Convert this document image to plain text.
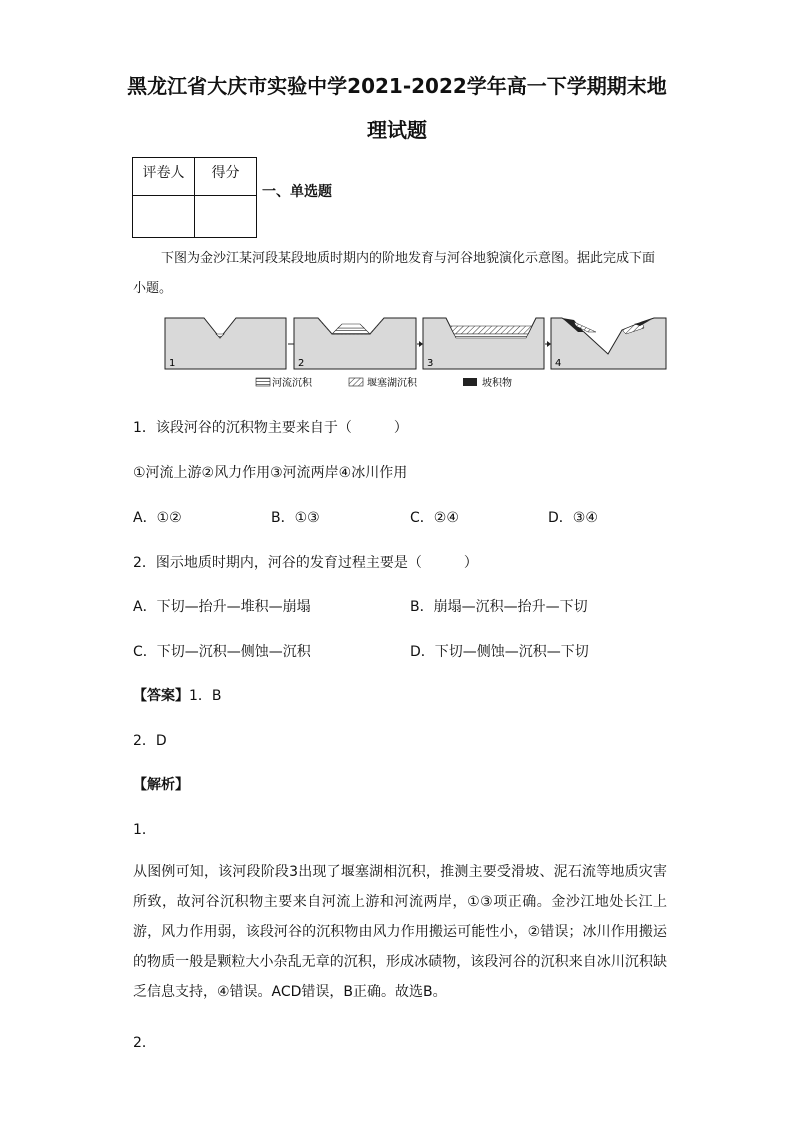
黑龙江省大庆市实验中学2021-2022学年高一下学期期末地
理试题
评卷人	得分

一、单选题
下图为金沙江某河段某段地质时期内的阶地发育与河谷地貌演化示意图。据此完成下面小题。
1	2	3	4
河流沉积	堰塞湖沉积	坡积物
1．该段河谷的沉积物主要来自于（　　　）
①河流上游②风力作用③河流两岸④冰川作用
A．①②	B．①③	C．②④	D．③④
2．图示地质时期内，河谷的发育过程主要是（　　　）
A．下切—抬升—堆积—崩塌	B．崩塌—沉积—抬升—下切
C．下切—沉积—侧蚀—沉积	D．下切—侧蚀—沉积—下切
【答案】1．B
2．D
【解析】
1．
从图例可知，该河段阶段3出现了堰塞湖相沉积，推测主要受滑坡、泥石流等地质灾害所致，故河谷沉积物主要来自河流上游和河流两岸，①③项正确。金沙江地处长江上游，风力作用弱，该段河谷的沉积物由风力作用搬运可能性小，②错误；冰川作用搬运的物质一般是颗粒大小杂乱无章的沉积，形成冰碛物，该段河谷的沉积来自冰川沉积缺乏信息支持，④错误。ACD错误，B正确。故选B。
2．
